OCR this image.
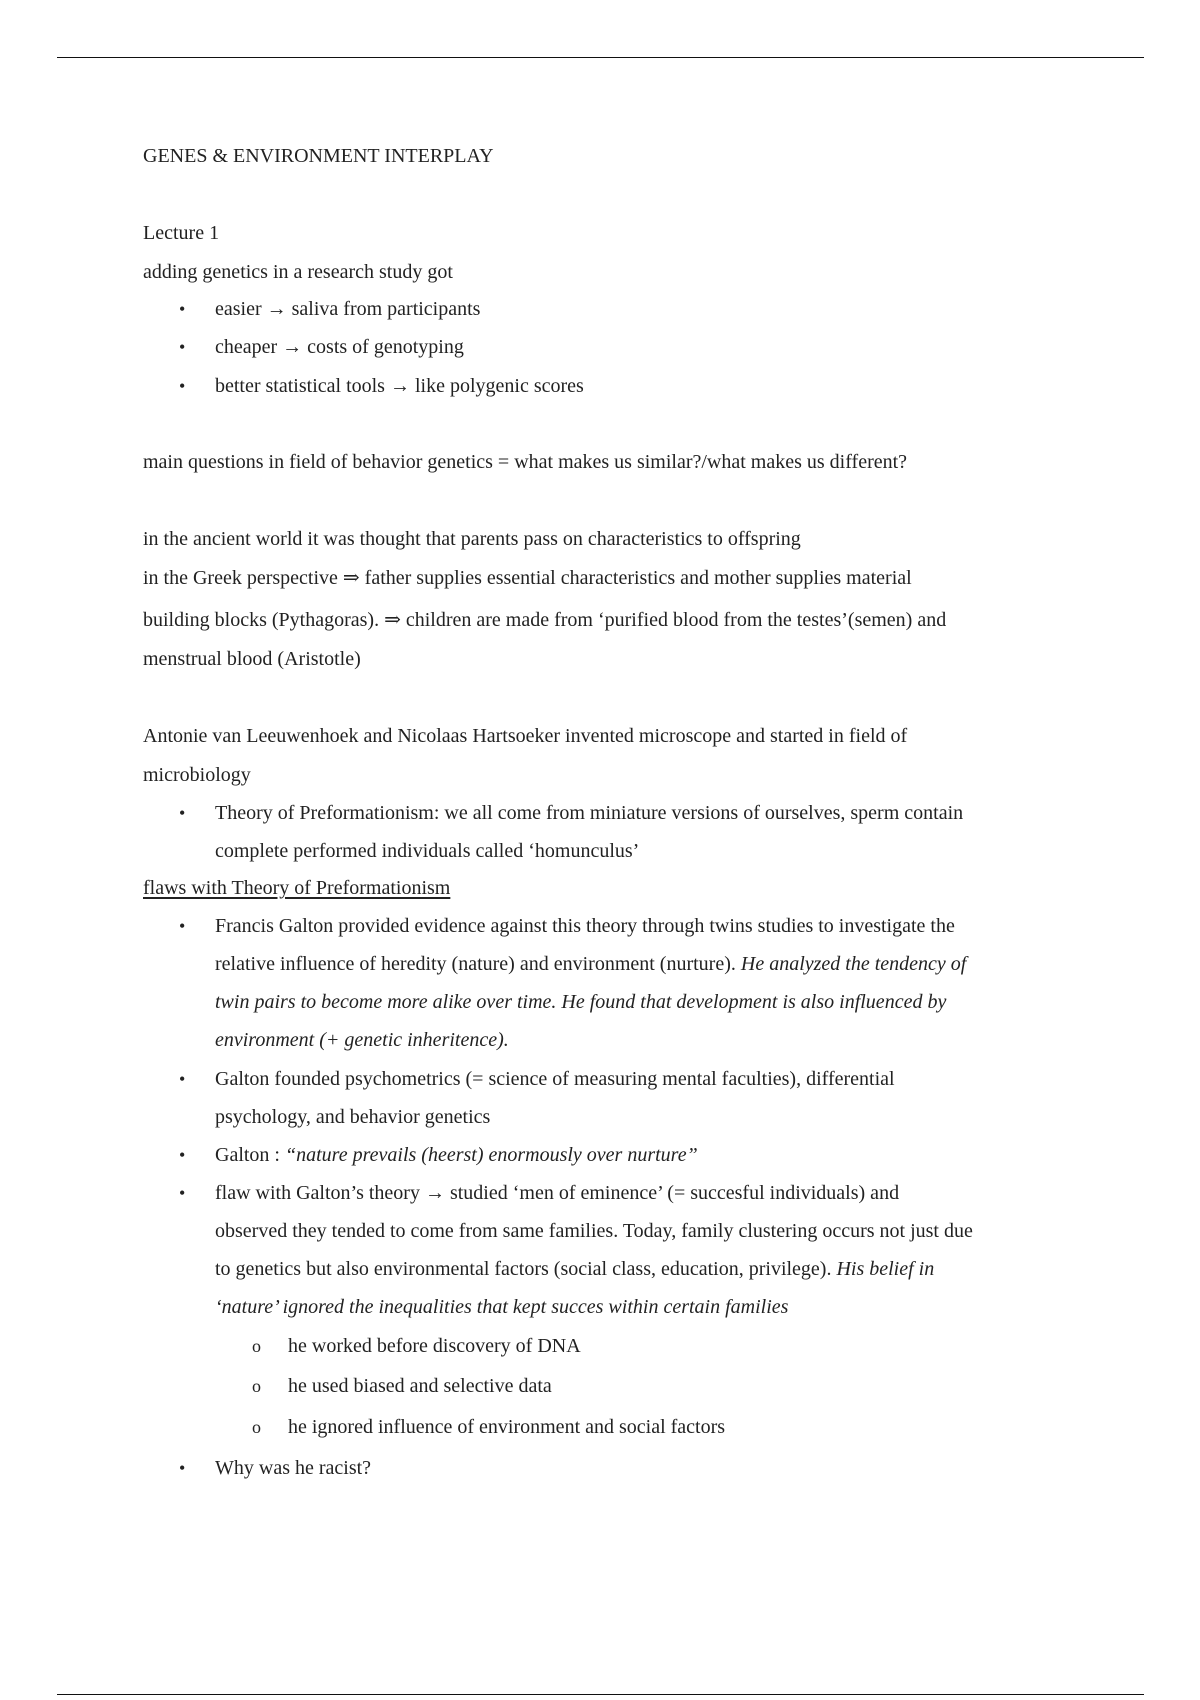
GENES & ENVIRONMENT INTERPLAY
Lecture 1
adding genetics in a research study got
• easier → saliva from participants
• cheaper → costs of genotyping
• better statistical tools → like polygenic scores
main questions in field of behavior genetics = what makes us similar?/what makes us different?
in the ancient world it was thought that parents pass on characteristics to offspring
in the Greek perspective ⇒ father supplies essential characteristics and mother supplies material
building blocks (Pythagoras). ⇒ children are made from ‘purified blood from the testes’(semen) and
menstrual blood (Aristotle)
Antonie van Leeuwenhoek and Nicolaas Hartsoeker invented microscope and started in field of
microbiology
• Theory of Preformationism: we all come from miniature versions of ourselves, sperm contain
complete performed individuals called ‘homunculus’
flaws with Theory of Preformationism
• Francis Galton provided evidence against this theory through twins studies to investigate the
relative influence of heredity (nature) and environment (nurture). He analyzed the tendency of
twin pairs to become more alike over time. He found that development is also influenced by
environment (+ genetic inheritence).
• Galton founded psychometrics (= science of measuring mental faculties), differential
psychology, and behavior genetics
• Galton : “nature prevails (heerst) enormously over nurture”
• flaw with Galton’s theory → studied ‘men of eminence’ (= succesful individuals) and
observed they tended to come from same families. Today, family clustering occurs not just due
to genetics but also environmental factors (social class, education, privilege). His belief in
‘nature’ ignored the inequalities that kept succes within certain families
o he worked before discovery of DNA
o he used biased and selective data
o he ignored influence of environment and social factors
• Why was he racist?
